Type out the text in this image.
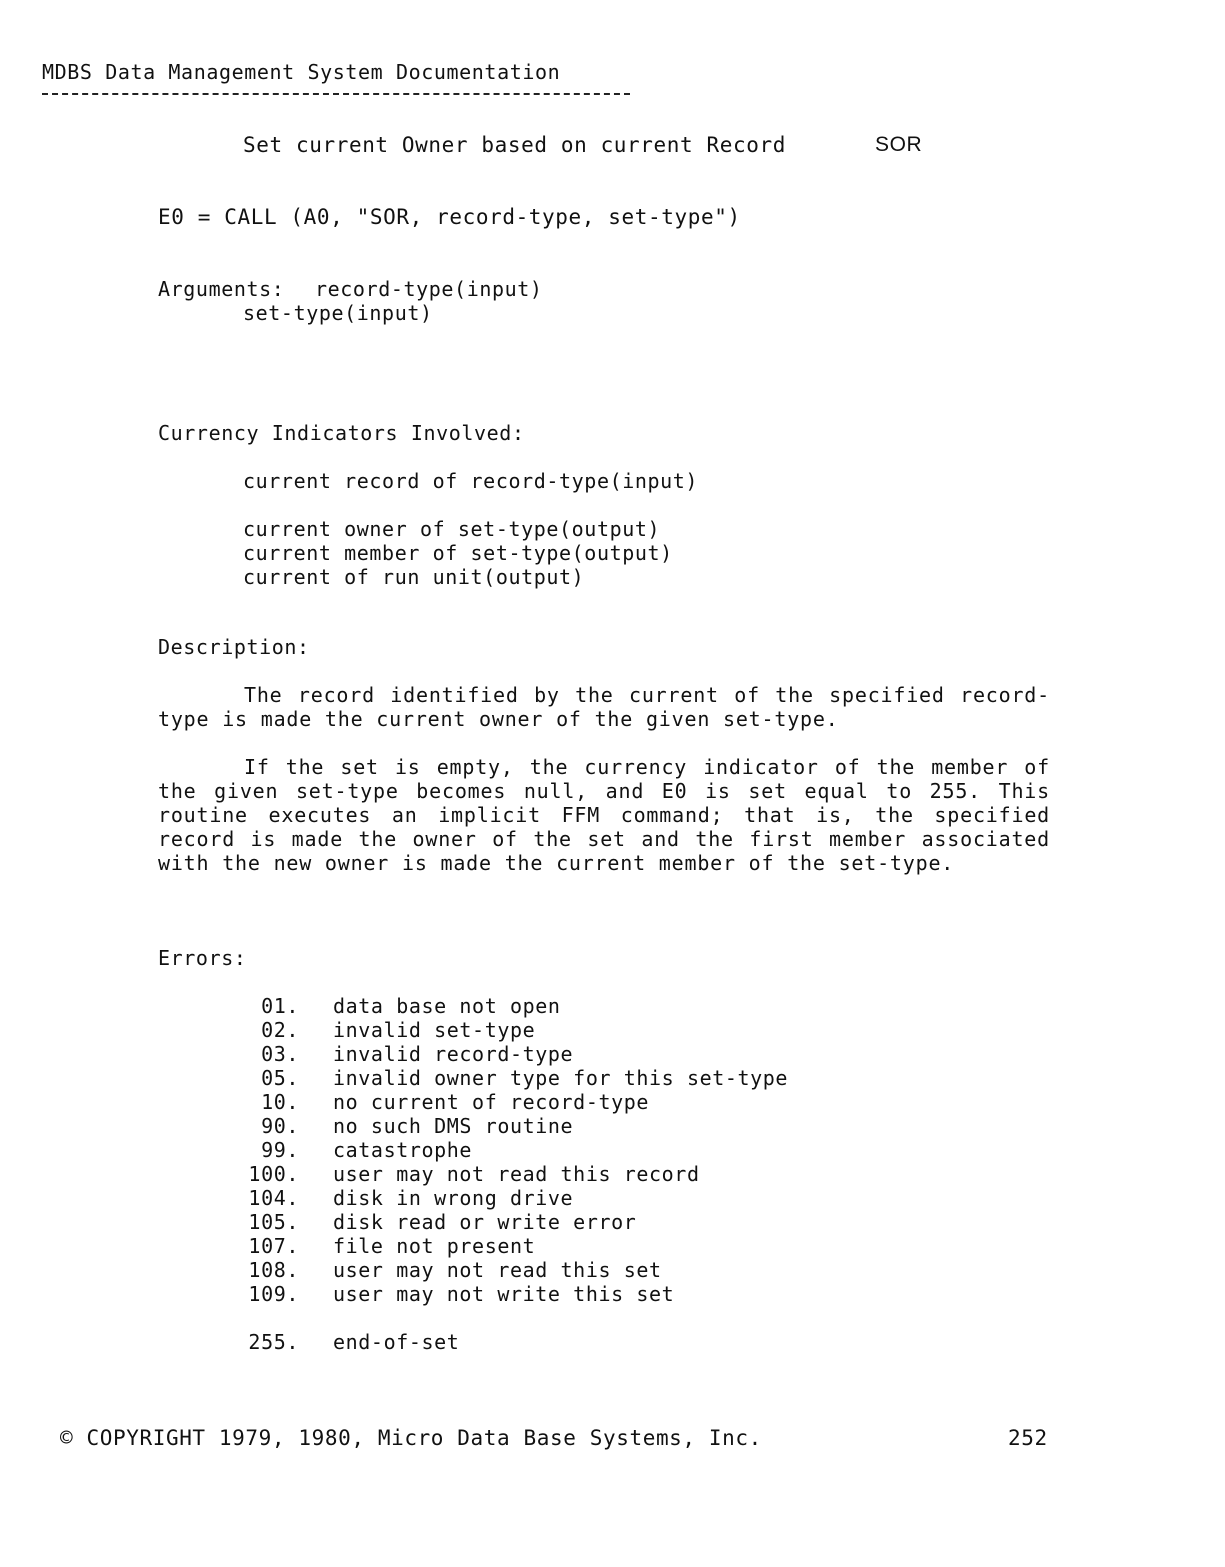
MDBS Data Management System Documentation
Set current Owner based on current Record	SOR
E0 = CALL (A0, "SOR, record-type, set-type")
Arguments: record-type(input)
set-type(input)
Currency Indicators Involved:
current record of record-type(input)
current owner of set-type(output)
current member of set-type(output)
current of run unit(output)
Description:
The record identified by the current of the specified record-type is made the current owner of the given set-type.
If the set is empty, the currency indicator of the member of the given set-type becomes null, and E0 is set equal to 255. This routine executes an implicit FFM command; that is, the specified record is made the owner of the set and the first member associated with the new owner is made the current member of the set-type.
Errors:
01. data base not open
02. invalid set-type
03. invalid record-type
05. invalid owner type for this set-type
10. no current of record-type
90. no such DMS routine
99. catastrophe
100. user may not read this record
104. disk in wrong drive
105. disk read or write error
107. file not present
108. user may not read this set
109. user may not write this set
255. end-of-set
© COPYRIGHT 1979, 1980, Micro Data Base Systems, Inc.	252
